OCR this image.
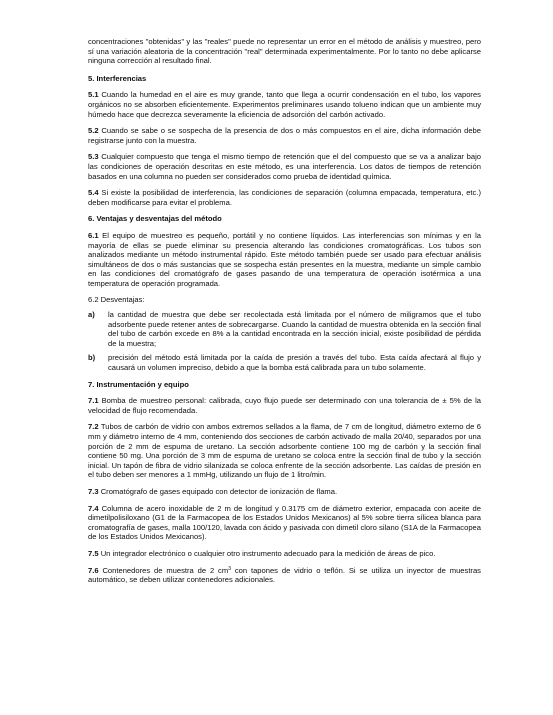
concentraciones "obtenidas" y las "reales" puede no representar un error en el método de análisis y muestreo, pero sí una variación aleatoria de la concentración "real" determinada experimentalmente. Por lo tanto no debe aplicarse ninguna corrección al resultado final.

5. Interferencias

5.1 Cuando la humedad en el aire es muy grande, tanto que llega a ocurrir condensación en el tubo, los vapores orgánicos no se absorben eficientemente. Experimentos preliminares usando tolueno indican que un ambiente muy húmedo hace que decrezca severamente la eficiencia de adsorción del carbón activado.

5.2 Cuando se sabe o se sospecha de la presencia de dos o más compuestos en el aire, dicha información debe registrarse junto con la muestra.

5.3 Cualquier compuesto que tenga el mismo tiempo de retención que el del compuesto que se va a analizar bajo las condiciones de operación descritas en este método, es una interferencia. Los datos de tiempos de retención basados en una columna no pueden ser considerados como prueba de identidad química.

5.4 Si existe la posibilidad de interferencia, las condiciones de separación (columna empacada, temperatura, etc.) deben modificarse para evitar el problema.

6. Ventajas y desventajas del método

6.1 El equipo de muestreo es pequeño, portátil y no contiene líquidos. Las interferencias son mínimas y en la mayoría de ellas se puede eliminar su presencia alterando las condiciones cromatográficas. Los tubos son analizados mediante un método instrumental rápido. Este método también puede ser usado para efectuar análisis simultáneos de dos o más sustancias que se sospecha están presentes en la muestra, mediante un simple cambio en las condiciones del cromatógrafo de gases pasando de una temperatura de operación isotérmica a una temperatura de operación programada.

6.2 Desventajas:

a)	la cantidad de muestra que debe ser recolectada está limitada por el número de miligramos que el tubo adsorbente puede retener antes de sobrecargarse. Cuando la cantidad de muestra obtenida en la sección final del tubo de carbón excede en 8% a la cantidad encontrada en la sección inicial, existe posibilidad de pérdida de la muestra;
b)	precisión del método está limitada por la caída de presión a través del tubo. Esta caída afectará al flujo y causará un volumen impreciso, debido a que la bomba está calibrada para un tubo solamente.

7. Instrumentación y equipo

7.1 Bomba de muestreo personal: calibrada, cuyo flujo puede ser determinado con una tolerancia de ± 5% de la velocidad de flujo recomendada.

7.2 Tubos de carbón de vidrio con ambos extremos sellados a la flama, de 7 cm de longitud, diámetro externo de 6 mm y diámetro interno de 4 mm, conteniendo dos secciones de carbón activado de malla 20/40, separados por una porción de 2 mm de espuma de uretano. La sección adsorbente contiene 100 mg de carbón y la sección final contiene 50 mg. Una porción de 3 mm de espuma de uretano se coloca entre la sección final de tubo y la sección inicial. Un tapón de fibra de vidrio silanizada se coloca enfrente de la sección adsorbente. Las caídas de presión en el tubo deben ser menores a 1 mmHg, utilizando un flujo de 1 litro/min.

7.3 Cromatógrafo de gases equipado con detector de ionización de flama.

7.4 Columna de acero inoxidable de 2 m de longitud y 0.3175 cm de diámetro exterior, empacada con aceite de dimetilpolisiloxano (G1 de la Farmacopea de los Estados Unidos Mexicanos) al 5% sobre tierra sílicea blanca para cromatografía de gases, malla 100/120, lavada con ácido y pasivada con dimetil cloro silano (S1A de la Farmacopea de los Estados Unidos Mexicanos).

7.5 Un integrador electrónico o cualquier otro instrumento adecuado para la medición de áreas de pico.

7.6 Contenedores de muestra de 2 $cm^3$ con tapones de vidrio o teflón. Si se utiliza un inyector de muestras automático, se deben utilizar contenedores adicionales.
